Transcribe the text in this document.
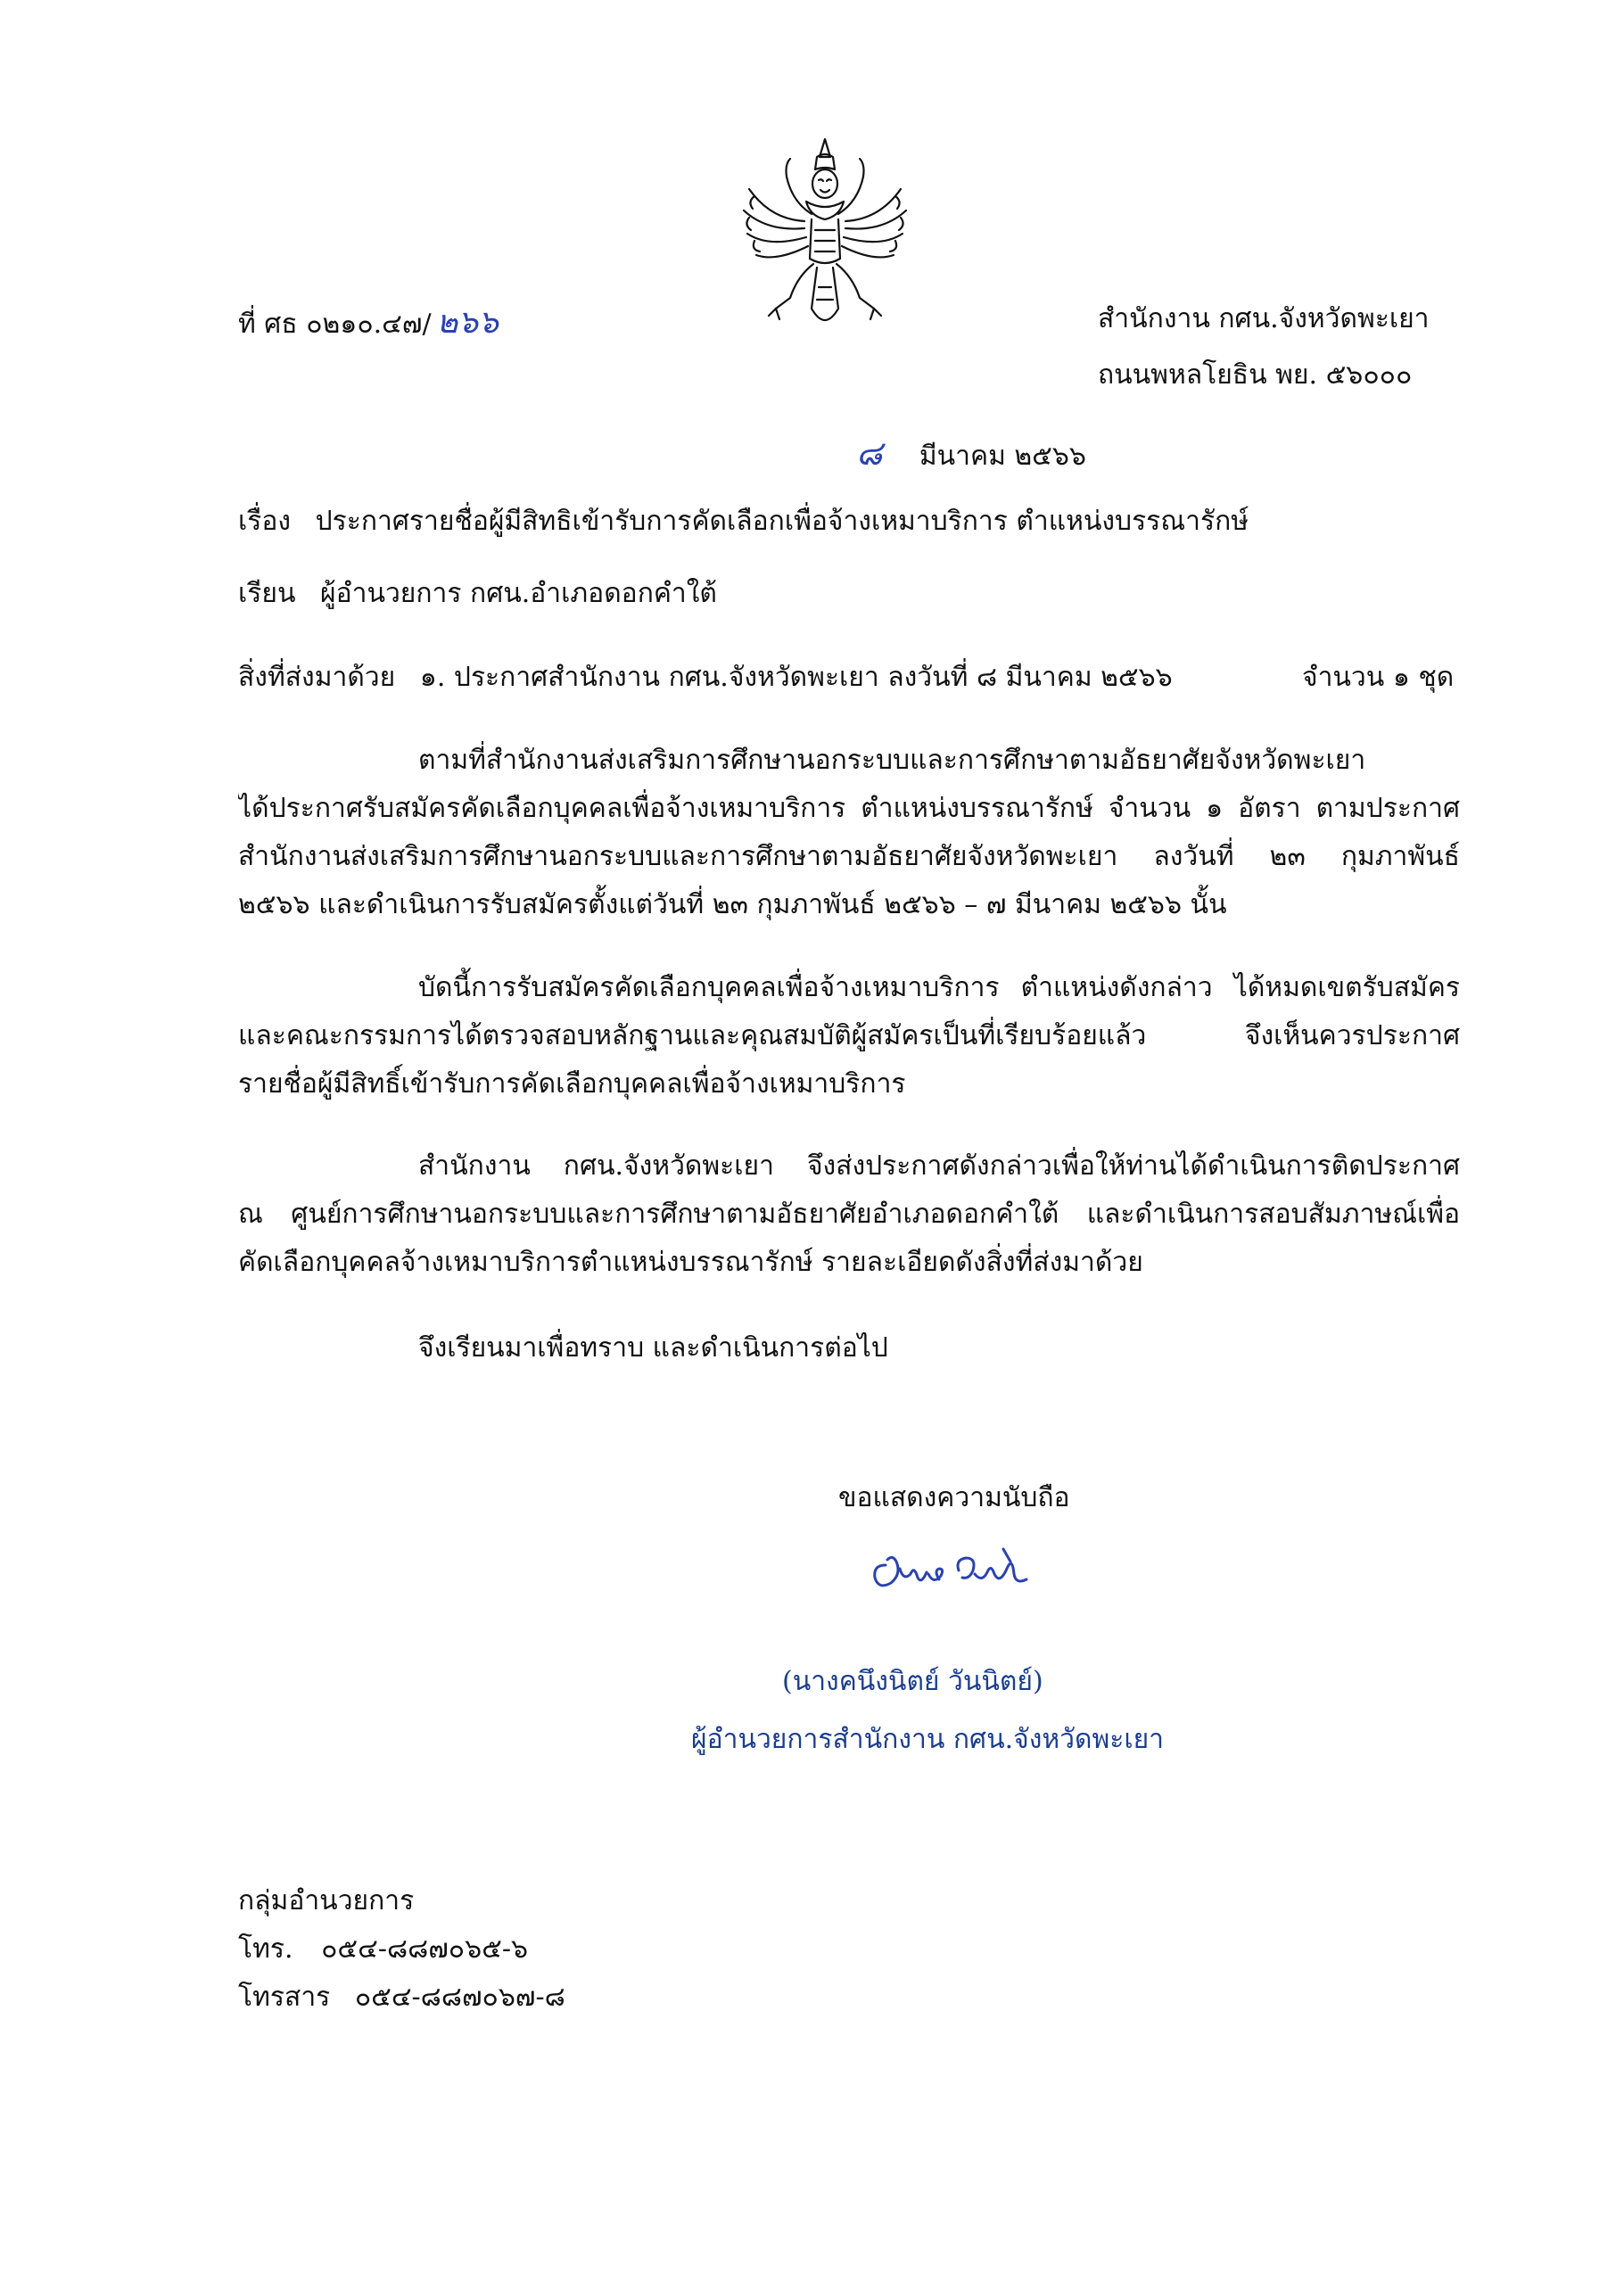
ที่ ศธ ๐๒๑๐.๔๗/ ๒๖๖	สำนักงาน กศน.จังหวัดพะเยา
ถนนพหลโยธิน พย. ๕๖๐๐๐
๘ มีนาคม ๒๕๖๖
เรื่อง ประกาศรายชื่อผู้มีสิทธิเข้ารับการคัดเลือกเพื่อจ้างเหมาบริการ ตำแหน่งบรรณารักษ์
เรียน ผู้อำนวยการ กศน.อำเภอดอกคำใต้
สิ่งที่ส่งมาด้วย ๑. ประกาศสำนักงาน กศน.จังหวัดพะเยา ลงวันที่ ๘ มีนาคม ๒๕๖๖	จำนวน ๑ ชุด
ตามที่สำนักงานส่งเสริมการศึกษานอกระบบและการศึกษาตามอัธยาศัยจังหวัดพะเยา
ได้ประกาศรับสมัครคัดเลือกบุคคลเพื่อจ้างเหมาบริการ ตำแหน่งบรรณารักษ์ จำนวน ๑ อัตรา ตามประกาศ
สำนักงานส่งเสริมการศึกษานอกระบบและการศึกษาตามอัธยาศัยจังหวัดพะเยา ลงวันที่ ๒๓ กุมภาพันธ์
๒๕๖๖ และดำเนินการรับสมัครตั้งแต่วันที่ ๒๓ กุมภาพันธ์ ๒๕๖๖ – ๗ มีนาคม ๒๕๖๖ นั้น
บัดนี้การรับสมัครคัดเลือกบุคคลเพื่อจ้างเหมาบริการ ตำแหน่งดังกล่าว ได้หมดเขตรับสมัคร
และคณะกรรมการได้ตรวจสอบหลักฐานและคุณสมบัติผู้สมัครเป็นที่เรียบร้อยแล้ว จึงเห็นควรประกาศ
รายชื่อผู้มีสิทธิ์เข้ารับการคัดเลือกบุคคลเพื่อจ้างเหมาบริการ
สำนักงาน กศน.จังหวัดพะเยา จึงส่งประกาศดังกล่าวเพื่อให้ท่านได้ดำเนินการติดประกาศ
ณ ศูนย์การศึกษานอกระบบและการศึกษาตามอัธยาศัยอำเภอดอกคำใต้ และดำเนินการสอบสัมภาษณ์เพื่อ
คัดเลือกบุคคลจ้างเหมาบริการตำแหน่งบรรณารักษ์ รายละเอียดดังสิ่งที่ส่งมาด้วย
จึงเรียนมาเพื่อทราบ และดำเนินการต่อไป
ขอแสดงความนับถือ
(นางคนึงนิตย์ วันนิตย์)
ผู้อำนวยการสำนักงาน กศน.จังหวัดพะเยา
กลุ่มอำนวยการ
โทร. ๐๕๔-๘๘๗๐๖๕-๖
โทรสาร ๐๕๔-๘๘๗๐๖๗-๘
